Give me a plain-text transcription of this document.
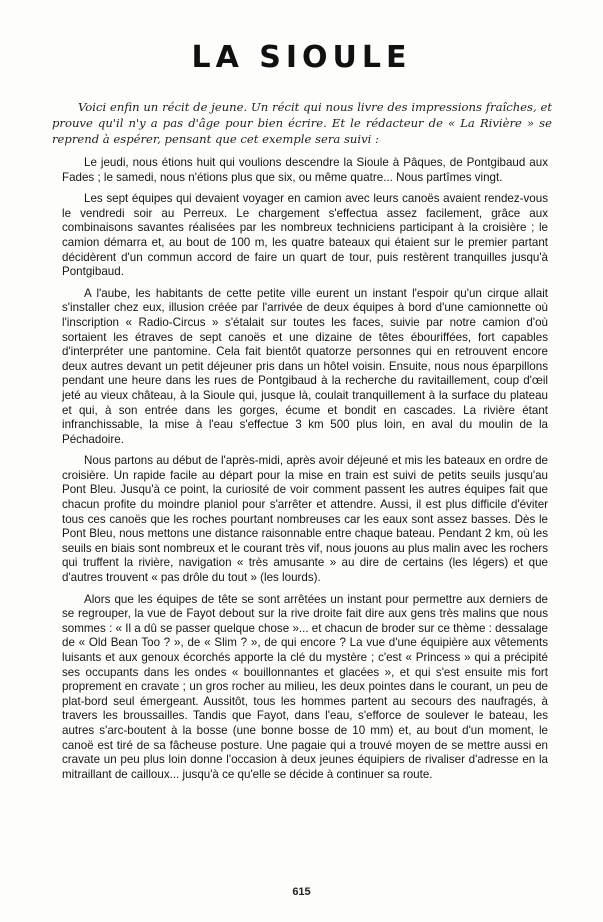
LA SIOULE

Voici enfin un récit de jeune. Un récit qui nous livre des impressions fraîches, et prouve qu'il n'y a pas d'âge pour bien écrire. Et le rédacteur de « La Rivière » se reprend à espérer, pensant que cet exemple sera suivi :

Le jeudi, nous étions huit qui voulions descendre la Sioule à Pâques, de Pontgibaud aux Fades ; le samedi, nous n'étions plus que six, ou même quatre... Nous partîmes vingt.

Les sept équipes qui devaient voyager en camion avec leurs canoës avaient rendez-vous le vendredi soir au Perreux. Le chargement s'effectua assez facilement, grâce aux combinaisons savantes réalisées par les nombreux techniciens participant à la croisière ; le camion démarra et, au bout de 100 m, les quatre bateaux qui étaient sur le premier partant décidèrent d'un commun accord de faire un quart de tour, puis restèrent tranquilles jusqu'à Pontgibaud.

A l'aube, les habitants de cette petite ville eurent un instant l'espoir qu'un cirque allait s'installer chez eux, illusion créée par l'arrivée de deux équipes à bord d'une camionnette où l'inscription « Radio-Circus » s'étalait sur toutes les faces, suivie par notre camion d'où sortaient les étraves de sept canoës et une dizaine de têtes ébouriffées, fort capables d'interpréter une pantomine. Cela fait bientôt quatorze personnes qui en retrouvent encore deux autres devant un petit déjeuner pris dans un hôtel voisin. Ensuite, nous nous éparpillons pendant une heure dans les rues de Pontgibaud à la recherche du ravitaillement, coup d'œil jeté au vieux château, à la Sioule qui, jusque là, coulait tranquillement à la surface du plateau et qui, à son entrée dans les gorges, écume et bondit en cascades. La rivière étant infranchissable, la mise à l'eau s'effectue 3 km 500 plus loin, en aval du moulin de la Péchadoire.

Nous partons au début de l'après-midi, après avoir déjeuné et mis les bateaux en ordre de croisière. Un rapide facile au départ pour la mise en train est suivi de petits seuils jusqu'au Pont Bleu. Jusqu'à ce point, la curiosité de voir comment passent les autres équipes fait que chacun profite du moindre planiol pour s'arrêter et attendre. Aussi, il est plus difficile d'éviter tous ces canoës que les roches pourtant nombreuses car les eaux sont assez basses. Dès le Pont Bleu, nous mettons une distance raisonnable entre chaque bateau. Pendant 2 km, où les seuils en biais sont nombreux et le courant très vif, nous jouons au plus malin avec les rochers qui truffent la rivière, navigation « très amusante » au dire de certains (les légers) et que d'autres trouvent « pas drôle du tout » (les lourds).

Alors que les équipes de tête se sont arrêtées un instant pour permettre aux derniers de se regrouper, la vue de Fayot debout sur la rive droite fait dire aux gens très malins que nous sommes : « Il a dû se passer quelque chose »... et chacun de broder sur ce thème : dessalage de « Old Bean Too ? », de « Slim ? », de qui encore ? La vue d'une équipière aux vêtements luisants et aux genoux écorchés apporte la clé du mystère ; c'est « Princess » qui a précipité ses occupants dans les ondes « bouillonnantes et glacées », et qui s'est ensuite mis fort proprement en cravate ; un gros rocher au milieu, les deux pointes dans le courant, un peu de plat-bord seul émergeant. Aussitôt, tous les hommes partent au secours des naufragés, à travers les broussailles. Tandis que Fayot, dans l'eau, s'efforce de soulever le bateau, les autres s'arc-boutent à la bosse (une bonne bosse de 10 mm) et, au bout d'un moment, le canoë est tiré de sa fâcheuse posture. Une pagaie qui a trouvé moyen de se mettre aussi en cravate un peu plus loin donne l'occasion à deux jeunes équipiers de rivaliser d'adresse en la mitraillant de cailloux... jusqu'à ce qu'elle se décide à continuer sa route.

615
